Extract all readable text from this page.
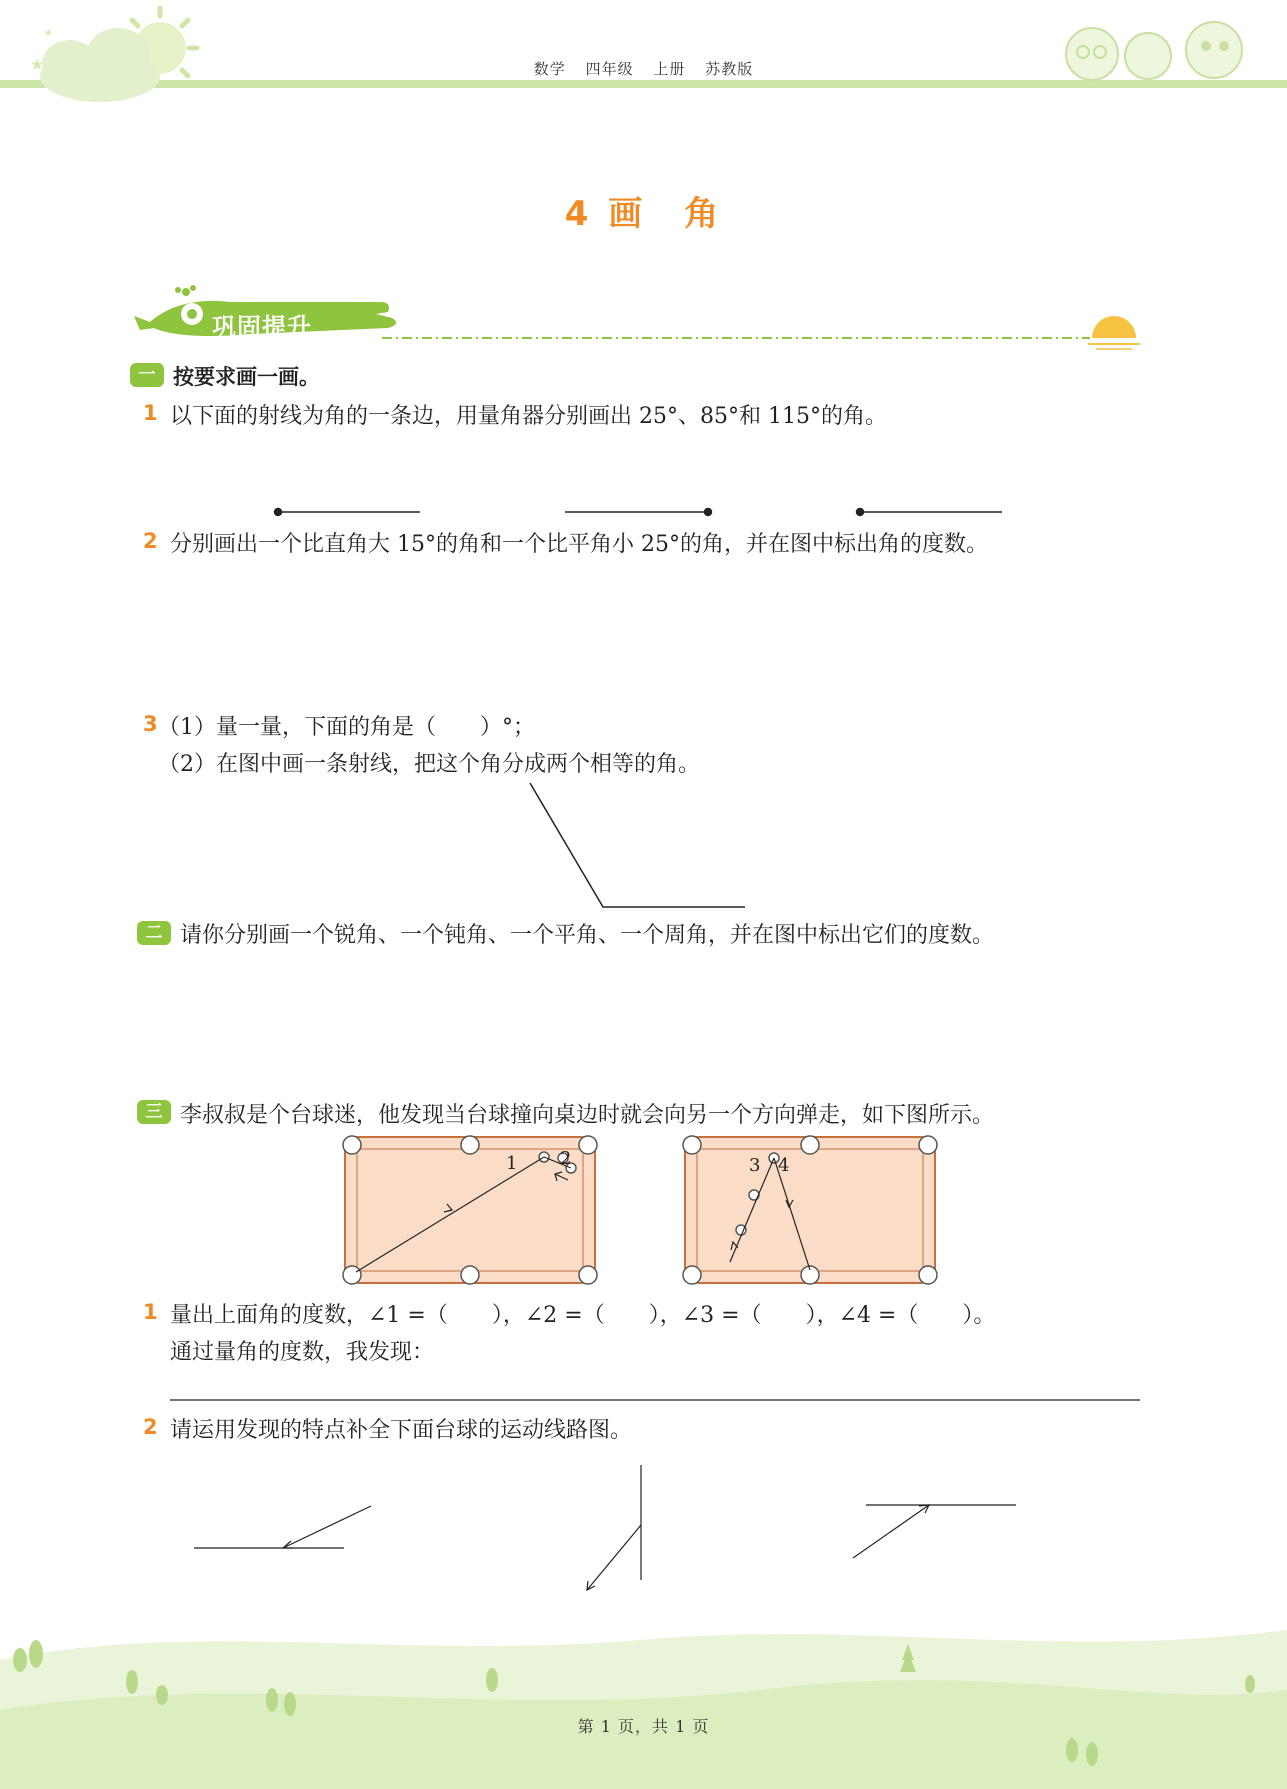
★
★
数学 四年级 上册 苏教版
4 画　角
巩固提升
一 按要求画一画。
1 以下面的射线为角的一条边，用量角器分别画出 25°、85°和 115°的角。
2 分别画出一个比直角大 15°的角和一个比平角小 25°的角，并在图中标出角的度数。
3 （1）量一量，下面的角是（　　）°；
（2）在图中画一条射线，把这个角分成两个相等的角。
二 请你分别画一个锐角、一个钝角、一个平角、一个周角，并在图中标出它们的度数。
三 李叔叔是个台球迷，他发现当台球撞向桌边时就会向另一个方向弹走，如下图所示。
1 2	3 4
1 量出上面角的度数，∠1 =（　　），∠2 =（　　），∠3 =（　　），∠4 =（　　）。
通过量角的度数，我发现：
2 请运用发现的特点补全下面台球的运动线路图。
第 1 页，共 1 页
